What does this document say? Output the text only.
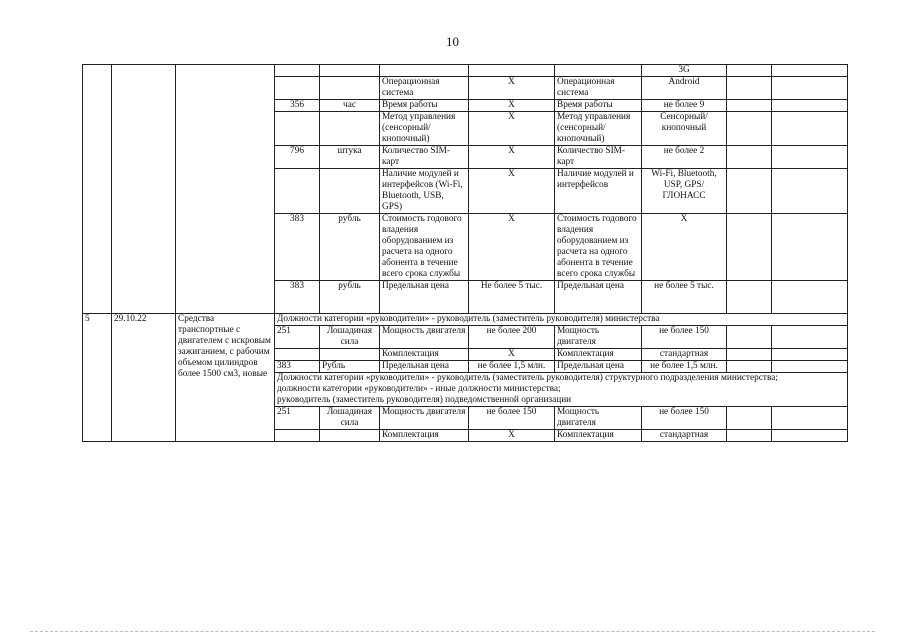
10
								3G		
					Операционная система	X	Операционная система	Android		
			356	час	Время работы	X	Время работы	не более 9		
					Метод управления (сенсорный/ кнопочный)	X	Метод управления (сенсорный/ кнопочный)	Сенсорный/ кнопочный		
			796	штука	Количество SIM-карт	X	Количество SIM-карт	не более 2		
					Наличие модулей и интерфейсов (Wi-Fi, Bluetooth, USB, GPS)	X	Наличие модулей и интерфейсов	Wi-Fi, Bluetooth, USP, GPS/ ГЛОНАСС		
			383	рубль	Стоимость годового владения оборудованием из расчета на одного абонента в течение всего срока службы	X	Стоимость годового владения оборудованием из расчета на одного абонента в течение всего срока службы	X		
			383	рубль	Предельная цена	Не более 5 тыс.	Предельная цена	не более 5 тыс.		
5	29.10.22	Средства транспортные с двигателем с искровым зажиганием, с рабочим объемом цилиндров более 1500 см3, новые	Должности категории «руководители» - руководитель (заместитель руководителя) министерства							
			251	Лошадиная сила	Мощность двигателя	не более 200	Мощность двигателя	не более 150		
					Комплектация	X	Комплектация	стандартная		
			383	Рубль	Предельная цена	не более 1,5 млн.	Предельная цена	не более 1,5 млн.		

			Должности категории «руководители» - руководитель (заместитель руководителя) структурного подразделения министерства;
должности категории «руководители» - иные должности министерства;
руководитель (заместитель руководителя) подведомственной организации							

			251	Лошадиная сила	Мощность двигателя	не более 150	Мощность двигателя	не более 150		
					Комплектация	X	Комплектация	стандартная		
